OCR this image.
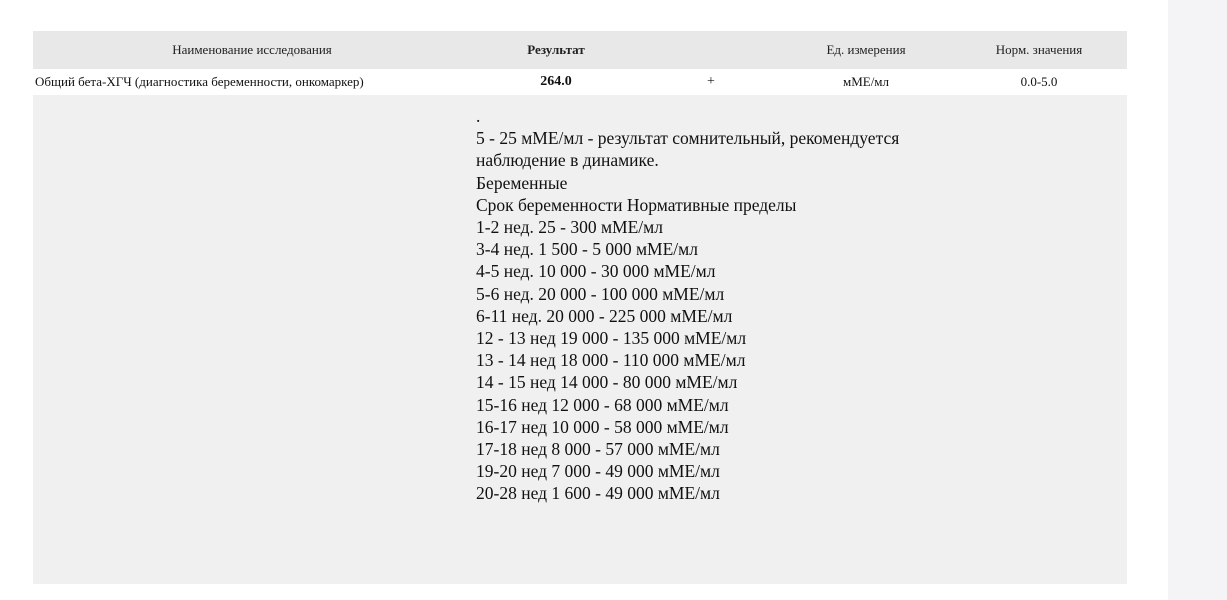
Наименование исследования	Результат	Ед. измерения	Норм. значения
Общий бета-ХГЧ (диагностика беременности, онкомаркер)	264.0	+	мМЕ/мл	0.0-5.0
.
5 - 25 мМЕ/мл - результат сомнительный, рекомендуется
наблюдение в динамике.
Беременные
Срок беременности Нормативные пределы
1-2 нед. 25 - 300 мМЕ/мл
3-4 нед. 1 500 - 5 000 мМЕ/мл
4-5 нед. 10 000 - 30 000 мМЕ/мл
5-6 нед. 20 000 - 100 000 мМЕ/мл
6-11 нед. 20 000 - 225 000 мМЕ/мл
12 - 13 нед 19 000 - 135 000 мМЕ/мл
13 - 14 нед 18 000 - 110 000 мМЕ/мл
14 - 15 нед 14 000 - 80 000 мМЕ/мл
15-16 нед 12 000 - 68 000 мМЕ/мл
16-17 нед 10 000 - 58 000 мМЕ/мл
17-18 нед 8 000 - 57 000 мМЕ/мл
19-20 нед 7 000 - 49 000 мМЕ/мл
20-28 нед 1 600 - 49 000 мМЕ/мл
